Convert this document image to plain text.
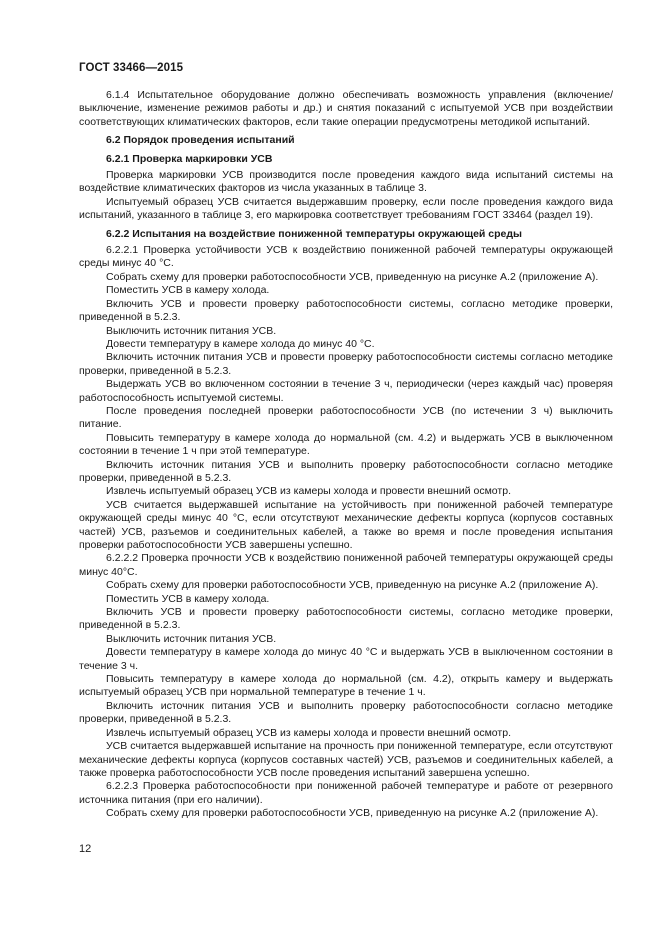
ГОСТ 33466—2015

6.1.4 Испытательное оборудование должно обеспечивать возможность управления (включение/выключение, изменение режимов работы и др.) и снятия показаний с испытуемой УСВ при воздействии соответствующих климатических факторов, если такие операции предусмотрены методикой испытаний.

6.2 Порядок проведения испытаний

6.2.1 Проверка маркировки УСВ

Проверка маркировки УСВ производится после проведения каждого вида испытаний системы на воздействие климатических факторов из числа указанных в таблице 3.

Испытуемый образец УСВ считается выдержавшим проверку, если после проведения каждого вида испытаний, указанного в таблице 3, его маркировка соответствует требованиям ГОСТ 33464 (раздел 19).

6.2.2 Испытания на воздействие пониженной температуры окружающей среды

6.2.2.1 Проверка устойчивости УСВ к воздействию пониженной рабочей температуры окружающей среды минус 40 °С.

Собрать схему для проверки работоспособности УСВ, приведенную на рисунке А.2 (приложение А).

Поместить УСВ в камеру холода.

Включить УСВ и провести проверку работоспособности системы, согласно методике проверки, приведенной в 5.2.3.

Выключить источник питания УСВ.

Довести температуру в камере холода до минус 40 °С.

Включить источник питания УСВ и провести проверку работоспособности системы согласно методике проверки, приведенной в 5.2.3.

Выдержать УСВ во включенном состоянии в течение 3 ч, периодически (через каждый час) проверяя работоспособность испытуемой системы.

После проведения последней проверки работоспособности УСВ (по истечении 3 ч) выключить питание.

Повысить температуру в камере холода до нормальной (см. 4.2) и выдержать УСВ в выключенном состоянии в течение 1 ч при этой температуре.

Включить источник питания УСВ и выполнить проверку работоспособности согласно методике проверки, приведенной в 5.2.3.

Извлечь испытуемый образец УСВ из камеры холода и провести внешний осмотр.

УСВ считается выдержавшей испытание на устойчивость при пониженной рабочей температуре окружающей среды минус 40 °С, если отсутствуют механические дефекты корпуса (корпусов составных частей) УСВ, разъемов и соединительных кабелей, а также во время и после проведения испытания проверки работоспособности УСВ завершены успешно.

6.2.2.2 Проверка прочности УСВ к воздействию пониженной рабочей температуры окружающей среды минус 40°С.

Собрать схему для проверки работоспособности УСВ, приведенную на рисунке А.2 (приложение А).

Поместить УСВ в камеру холода.

Включить УСВ и провести проверку работоспособности системы, согласно методике проверки, приведенной в 5.2.3.

Выключить источник питания УСВ.

Довести температуру в камере холода до минус 40 °С и выдержать УСВ в выключенном состоянии в течение 3 ч.

Повысить температуру в камере холода до нормальной (см. 4.2), открыть камеру и выдержать испытуемый образец УСВ при нормальной температуре в течение 1 ч.

Включить источник питания УСВ и выполнить проверку работоспособности согласно методике проверки, приведенной в 5.2.3.

Извлечь испытуемый образец УСВ из камеры холода и провести внешний осмотр.

УСВ считается выдержавшей испытание на прочность при пониженной температуре, если отсутствуют механические дефекты корпуса (корпусов составных частей) УСВ, разъемов и соединительных кабелей, а также проверка работоспособности УСВ после проведения испытаний завершена успешно.

6.2.2.3 Проверка работоспособности при пониженной рабочей температуре и работе от резервного источника питания (при его наличии).

Собрать схему для проверки работоспособности УСВ, приведенную на рисунке А.2 (приложение А).

12
